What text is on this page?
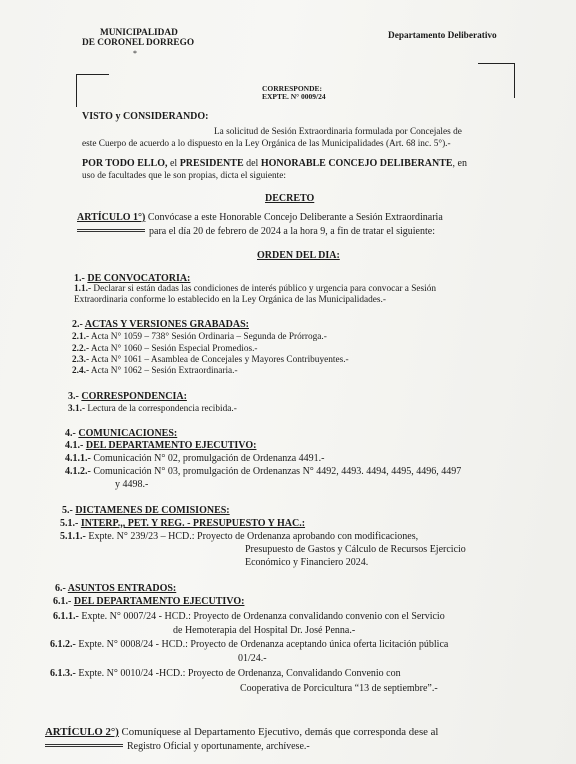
MUNICIPALIDAD
DE CORONEL DORREGO
*
Departamento Deliberativo
CORRESPONDE:
EXPTE. N° 0009/24
VISTO y CONSIDERANDO:
La solicitud de Sesión Extraordinaria formulada por Concejales de
este Cuerpo de acuerdo a lo dispuesto en la Ley Orgánica de las Municipalidades (Art. 68 inc. 5°).-
POR TODO ELLO, el PRESIDENTE del HONORABLE CONCEJO DELIBERANTE, en
uso de facultades que le son propias, dicta el siguiente:
DECRETO
ARTÍCULO 1°) Convócase a este Honorable Concejo Deliberante a Sesión Extraordinaria
para el día 20 de febrero de 2024 a la hora 9, a fin de tratar el siguiente:
ORDEN DEL DIA:
1.- DE CONVOCATORIA:
1.1.- Declarar si están dadas las condiciones de interés público y urgencia para convocar a Sesión
Extraordinaria conforme lo establecido en la Ley Orgánica de las Municipalidades.-
2.- ACTAS Y VERSIONES GRABADAS:
2.1.- Acta N° 1059 – 738° Sesión Ordinaria – Segunda de Prórroga.-
2.2.- Acta N° 1060 – Sesión Especial Promedios.-
2.3.- Acta N° 1061 – Asamblea de Concejales y Mayores Contribuyentes.-
2.4.- Acta N° 1062 – Sesión Extraordinaria.-
3.- CORRESPONDENCIA:
3.1.- Lectura de la correspondencia recibida.-
4.- COMUNICACIONES:
4.1.- DEL DEPARTAMENTO EJECUTIVO:
4.1.1.- Comunicación N° 02, promulgación de Ordenanza 4491.-
4.1.2.- Comunicación N° 03, promulgación de Ordenanzas N° 4492, 4493. 4494, 4495, 4496, 4497
y 4498.-
5.- DICTAMENES DE COMISIONES:
5.1.- INTERP.,, PET. Y REG. - PRESUPUESTO Y HAC.:
5.1.1.- Expte. N° 239/23 – HCD.: Proyecto de Ordenanza aprobando con modificaciones,
Presupuesto de Gastos y Cálculo de Recursos Ejercicio
Económico y Financiero 2024.
6.- ASUNTOS ENTRADOS:
6.1.- DEL DEPARTAMENTO EJECUTIVO:
6.1.1.- Expte. N° 0007/24 - HCD.: Proyecto de Ordenanza convalidando convenio con el Servicio
de Hemoterapia del Hospital Dr. José Penna.-
6.1.2.- Expte. N° 0008/24 - HCD.: Proyecto de Ordenanza aceptando única oferta licitación pública
01/24.-
6.1.3.- Expte. N° 0010/24 -HCD.: Proyecto de Ordenanza, Convalidando Convenio con
Cooperativa de Porcicultura “13 de septiembre”.-
ARTÍCULO 2°) Comuníquese al Departamento Ejecutivo, demás que corresponda dese al
Registro Oficial y oportunamente, archívese.-
